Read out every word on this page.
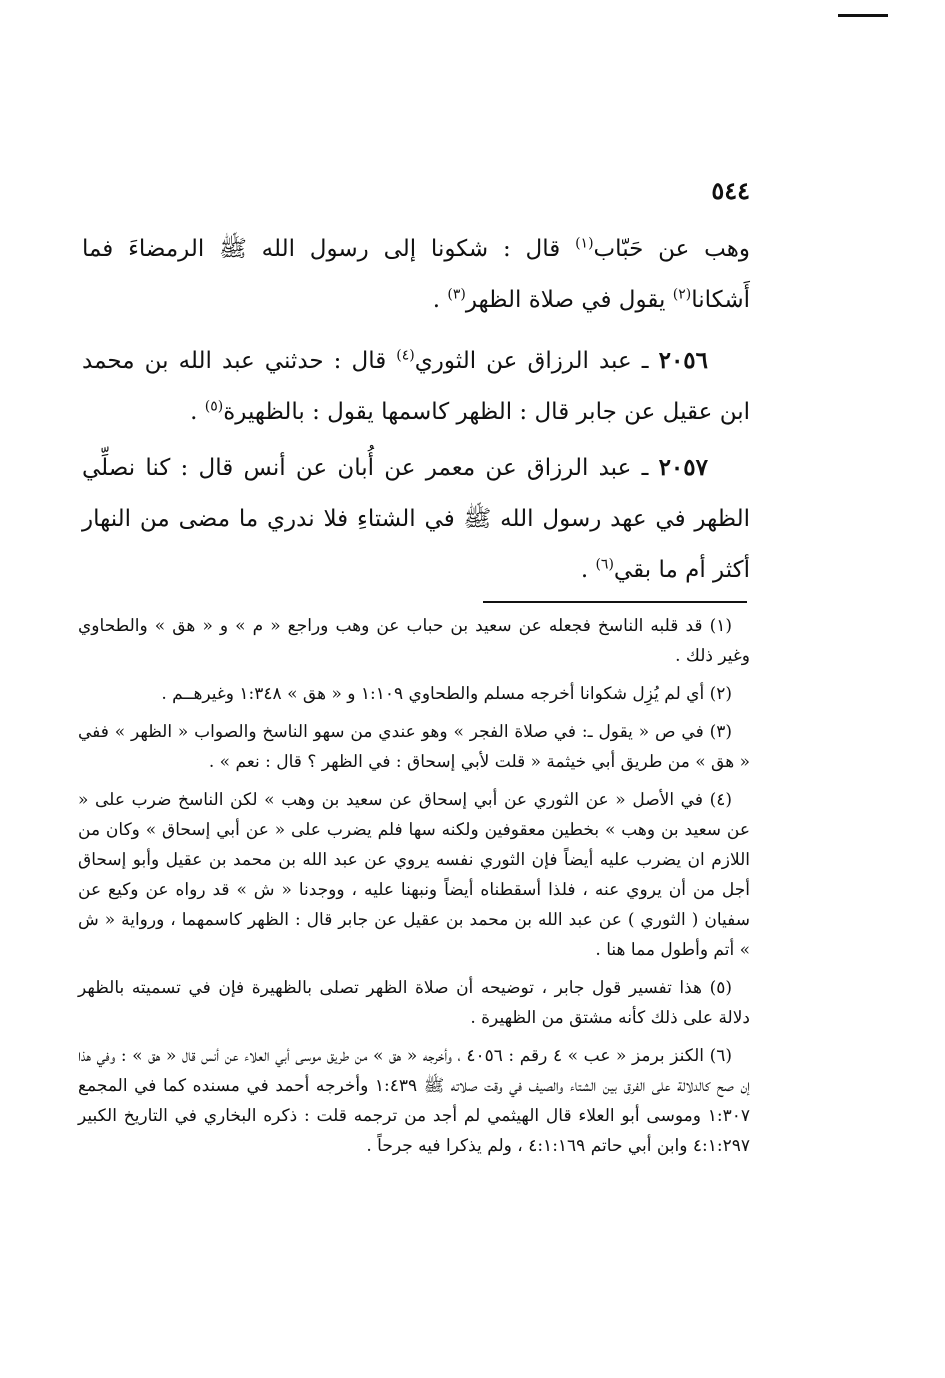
٥٤٤

وهب عن حَبّاب$^{(١)}$ قال : شكونا إلى رسول الله ﷺ الرمضاءَ فما أَشكانا$^{(٢)}$ يقول في صلاة الظهر$^{(٣)}$ .

٢٠٥٦ ـ عبد الرزاق عن الثوري$^{(٤)}$ قال : حدثني عبد الله بن محمد ابن عقيل عن جابر قال : الظهر كاسمها يقول : بالظهيرة$^{(٥)}$ .

٢٠٥٧ ـ عبد الرزاق عن معمر عن أُبان عن أنس قال : كنا نصلِّي الظهر في عهد رسول الله ﷺ في الشتاءِ فلا ندري ما مضى من النهار أكثر أم ما بقي$^{(٦)}$ .

(١) قد قلبه الناسخ فجعله عن سعيد بن حباب عن وهب وراجع « م » و « هق » والطحاوي وغير ذلك .

(٢) أي لم يُزِل شكوانا أخرجه مسلم والطحاوي ١:١٠٩ و « هق » ١:٣٤٨ وغيرهــم .

(٣) في ص « يقول ـ: في صلاة الفجر » وهو عندي من سهو الناسخ والصواب « الظهر » ففي « هق » من طريق أبي خيثمة « قلت لأبي إسحاق : في الظهر ؟ قال : نعم » .

(٤) في الأصل « عن الثوري عن أبي إسحاق عن سعيد بن وهب » لكن الناسخ ضرب على « عن سعيد بن وهب » بخطين معقوفين ولكنه سها فلم يضرب على « عن أبي إسحاق » وكان من اللازم ان يضرب عليه أيضاً فإن الثوري نفسه يروي عن عبد الله بن محمد بن عقيل وأبو إسحاق أجل من أن يروي عنه ، فلذا أسقطناه أيضاً ونبهنا عليه ، ووجدنا « ش » قد رواه عن وكيع عن سفيان ( الثوري ) عن عبد الله بن محمد بن عقيل عن جابر قال : الظهر كاسمهما ، ورواية « ش » أتم وأطول مما هنا .

(٥) هذا تفسير قول جابر ، توضيحه أن صلاة الظهر تصلى بالظهيرة فإن في تسميته بالظهر دلالة على ذلك كأنه مشتق من الظهيرة .

(٦) الكنز برمز « عب » ٤ رقم : ٤٠٥٦ ، وأخرجه « هق » من طريق موسى أبي العلاء عن أنس قال « هق » : وفي هذا إن صح كالدلالة على الفرق بين الشتاء والصيف في وقت صلاته ﷺ ١:٤٣٩ وأخرجه أحمد في مسنده كما في المجمع ١:٣٠٧ وموسى أبو العلاء قال الهيثمي لم أجد من ترجمه قلت : ذكره البخاري في التاريخ الكبير ٤:١:٢٩٧ وابن أبي حاتم ٤:١:١٦٩ ، ولم يذكرا فيه جرحاً .
